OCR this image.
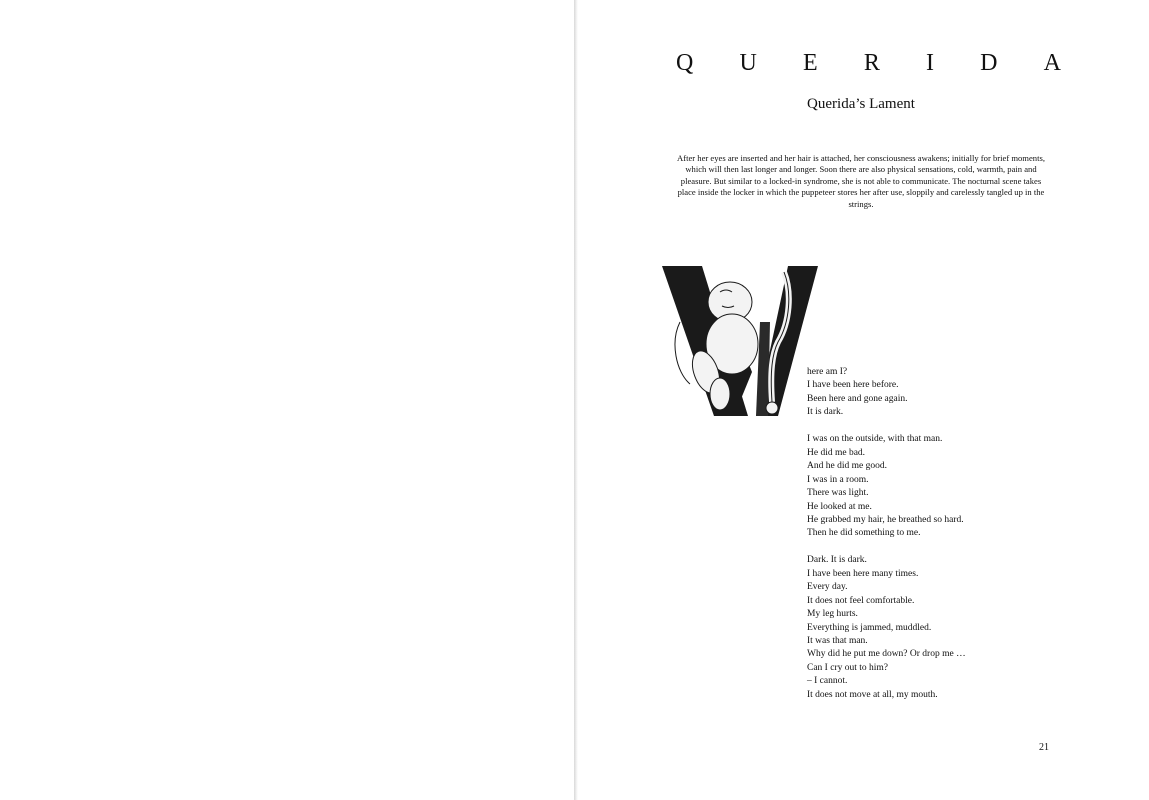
Q U E R I D A
Querida’s Lament
After her eyes are inserted and her hair is attached, her consciousness awakens; initially for brief moments, which will then last longer and longer. Soon there are also physical sensations, cold, warmth, pain and pleasure. But similar to a locked-in syndrome, she is not able to communicate. The nocturnal scene takes place inside the locker in which the puppeteer stores her after use, sloppily and carelessly tangled up in the strings.
here am I?
I have been here before.
Been here and gone again.
It is dark.
I was on the outside, with that man.
He did me bad.
And he did me good.
I was in a room.
There was light.
He looked at me.
He grabbed my hair, he breathed so hard.
Then he did something to me.
Dark. It is dark.
I have been here many times.
Every day.
It does not feel comfortable.
My leg hurts.
Everything is jammed, muddled.
It was that man.
Why did he put me down? Or drop me …
Can I cry out to him?
– I cannot.
It does not move at all, my mouth.
21
